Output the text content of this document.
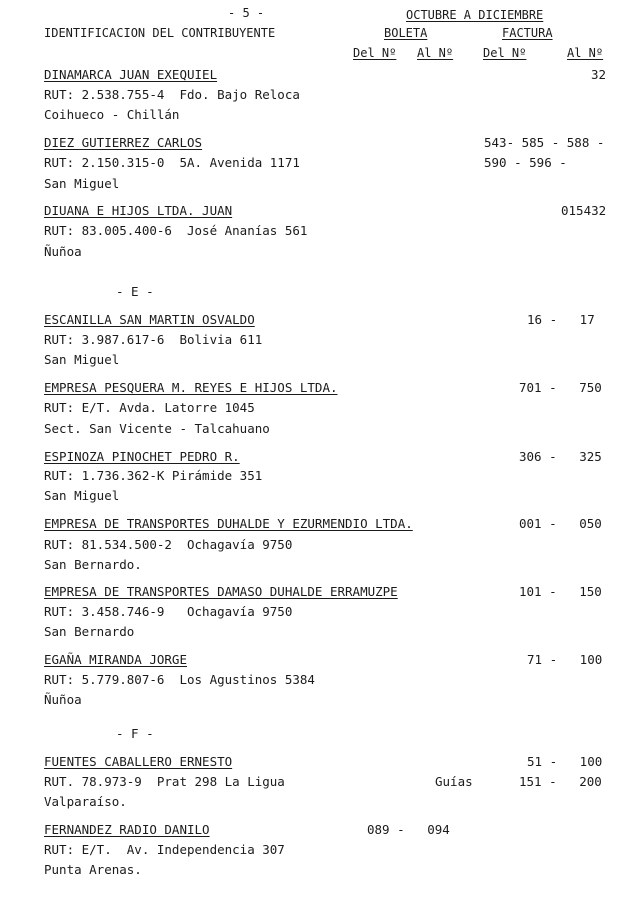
- 5 -	OCTUBRE A DICIEMBRE
IDENTIFICACION DEL CONTRIBUYENTE	BOLETA	FACTURA
Del Nº Al Nº Del Nº	Al Nº
DINAMARCA JUAN EXEQUIEL	32
RUT: 2.538.755-4  Fdo. Bajo Reloca
Coihueco - Chillán
DIEZ GUTIERREZ CARLOS	543- 585 - 588 -
RUT: 2.150.315-0  5A. Avenida 1171	590 - 596 -
San Miguel
DIUANA E HIJOS LTDA. JUAN	015432
RUT: 83.005.400-6  José Ananías 561
Ñuñoa
- E -
ESCANILLA SAN MARTIN OSVALDO	16 -   17
RUT: 3.987.617-6  Bolivia 611
San Miguel
EMPRESA PESQUERA M. REYES E HIJOS LTDA.	701 -   750
RUT: E/T. Avda. Latorre 1045
Sect. San Vicente - Talcahuano
ESPINOZA PINOCHET PEDRO R.	306 -   325
RUT: 1.736.362-K Pirámide 351
San Miguel
EMPRESA DE TRANSPORTES DUHALDE Y EZURMENDIO LTDA.	001 -   050
RUT: 81.534.500-2  Ochagavía 9750
San Bernardo.
EMPRESA DE TRANSPORTES DAMASO DUHALDE ERRAMUZPE	101 -   150
RUT: 3.458.746-9   Ochagavía 9750
San Bernardo
EGAÑA MIRANDA JORGE	71 -   100
RUT: 5.779.807-6  Los Agustinos 5384
Ñuñoa
- F -
FUENTES CABALLERO ERNESTO	51 -   100
RUT. 78.973-9  Prat 298 La Ligua	Guías	151 -   200
Valparaíso.
FERNANDEZ RADIO DANILO	089 -   094
RUT: E/T.  Av. Independencia 307
Punta Arenas.
